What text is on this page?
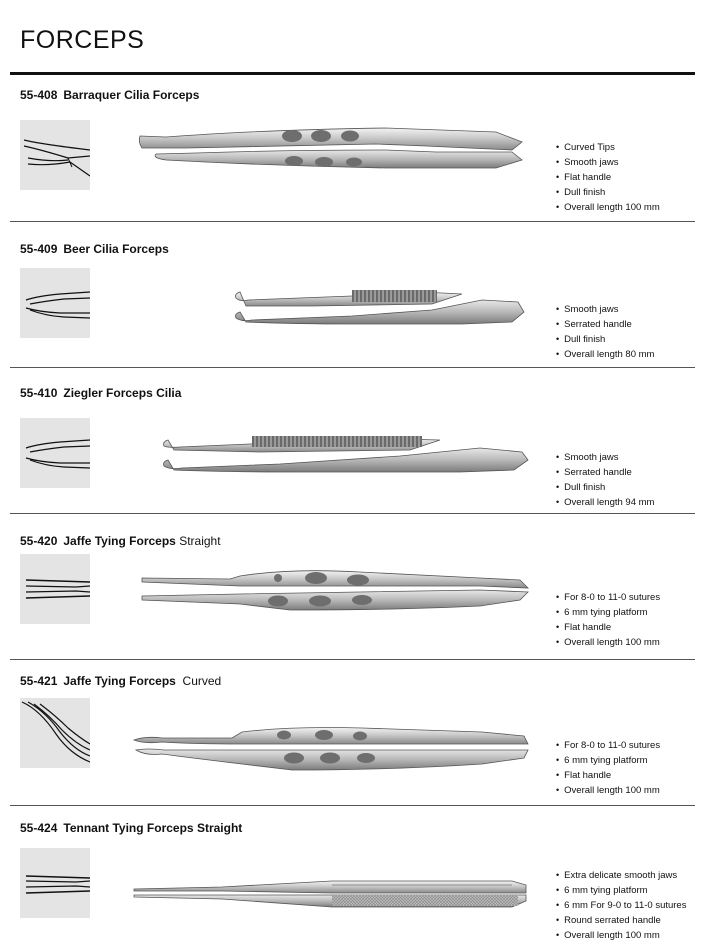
FORCEPS
55-408 Barraquer Cilia Forceps
• Curved Tips
• Smooth jaws
• Flat handle
• Dull finish
• Overall length 100 mm
55-409 Beer Cilia Forceps
• Smooth jaws
• Serrated handle
• Dull finish
• Overall length 80 mm
55-410 Ziegler Forceps Cilia
• Smooth jaws
• Serrated handle
• Dull finish
• Overall length 94 mm
55-420 Jaffe Tying Forceps Straight
• For 8-0 to 11-0 sutures
• 6 mm tying platform
• Flat handle
• Overall length 100 mm
55-421 Jaffe Tying Forceps Curved
• For 8-0 to 11-0 sutures
• 6 mm tying platform
• Flat handle
• Overall length 100 mm
55-424 Tennant Tying Forceps Straight
• Extra delicate smooth jaws
• 6 mm tying platform
• 6 mm For 9-0 to 11-0 sutures
• Round serrated handle
• Overall length 100 mm
